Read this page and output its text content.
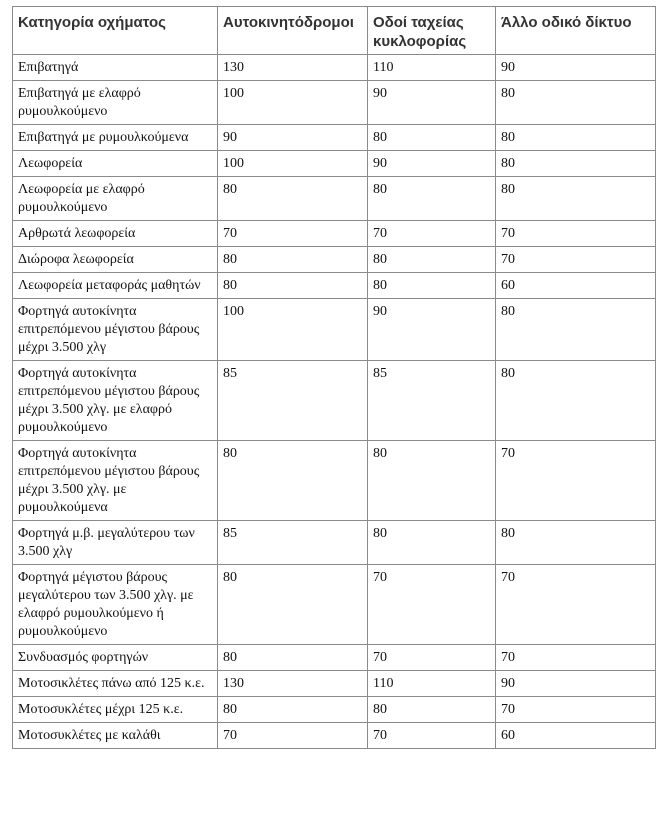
Κατηγορία οχήματος	Αυτοκινητόδρομοι	Οδοί ταχείας κυκλοφορίας	Άλλο οδικό δίκτυο
Επιβατηγά	130	110	90
Επιβατηγά με ελαφρό ρυμουλκούμενο	100	90	80
Επιβατηγά με ρυμουλκούμενα	90	80	80
Λεωφορεία	100	90	80
Λεωφορεία με ελαφρό ρυμουλκούμενο	80	80	80
Αρθρωτά λεωφορεία	70	70	70
Διώροφα λεωφορεία	80	80	70
Λεωφορεία μεταφοράς μαθητών	80	80	60
Φορτηγά αυτοκίνητα επιτρεπόμενου μέγιστου βάρους μέχρι 3.500 χλγ	100	90	80
Φορτηγά αυτοκίνητα επιτρεπόμενου μέγιστου βάρους μέχρι 3.500 χλγ. με ελαφρό ρυμουλκούμενο	85	85	80
Φορτηγά αυτοκίνητα επιτρεπόμενου μέγιστου βάρους μέχρι 3.500 χλγ. με ρυμουλκούμενα	80	80	70
Φορτηγά μ.β. μεγαλύτερου των 3.500 χλγ	85	80	80
Φορτηγά μέγιστου βάρους μεγαλύτερου των 3.500 χλγ. με ελαφρό ρυμουλκούμενο ή ρυμουλκούμενο	80	70	70
Συνδυασμός φορτηγών	80	70	70
Μοτοσικλέτες πάνω από 125 κ.ε.	130	110	90
Μοτοσυκλέτες μέχρι 125 κ.ε.	80	80	70
Μοτοσυκλέτες με καλάθι	70	70	60
